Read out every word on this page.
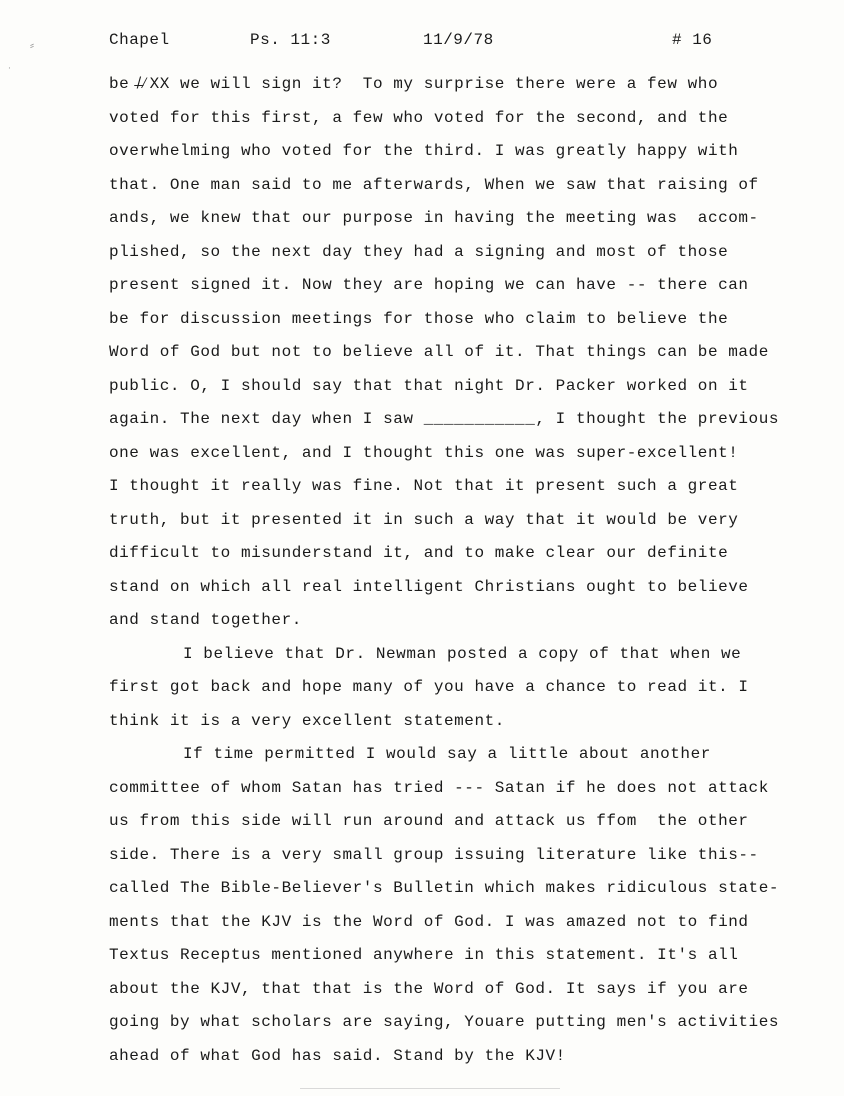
Chapel	Ps. 11:3	11/9/78	# 16
⸗
·
be ̸̶⁄XX we will sign it?  To my surprise there were a few who
voted for this first, a few who voted for the second, and the
overwhelming who voted for the third. I was greatly happy with
that. One man said to me afterwards, When we saw that raising of
ands, we knew that our purpose in having the meeting was  accom-
plished, so the next day they had a signing and most of those
present signed it. Now they are hoping we can have -- there can
be for discussion meetings for those who claim to believe the
Word of God but not to believe all of it. That things can be made
public. O, I should say that that night Dr. Packer worked on it
again. The next day when I saw ___________, I thought the previous
one was excellent, and I thought this one was super-excellent!
I thought it really was fine. Not that it present such a great
truth, but it presented it in such a way that it would be very
difficult to misunderstand it, and to make clear our definite
stand on which all real intelligent Christians ought to believe
and stand together.
I believe that Dr. Newman posted a copy of that when we
first got back and hope many of you have a chance to read it. I
think it is a very excellent statement.
If time permitted I would say a little about another
committee of whom Satan has tried --- Satan if he does not attack
us from this side will run around and attack us ffom  the other
side. There is a very small group issuing literature like this--
called The Bible-Believer's Bulletin which makes ridiculous state-
ments that the KJV is the Word of God. I was amazed not to find
Textus Receptus mentioned anywhere in this statement. It's all
about the KJV, that that is the Word of God. It says if you are
going by what scholars are saying, Youare putting men's activities
ahead of what God has said. Stand by the KJV!
